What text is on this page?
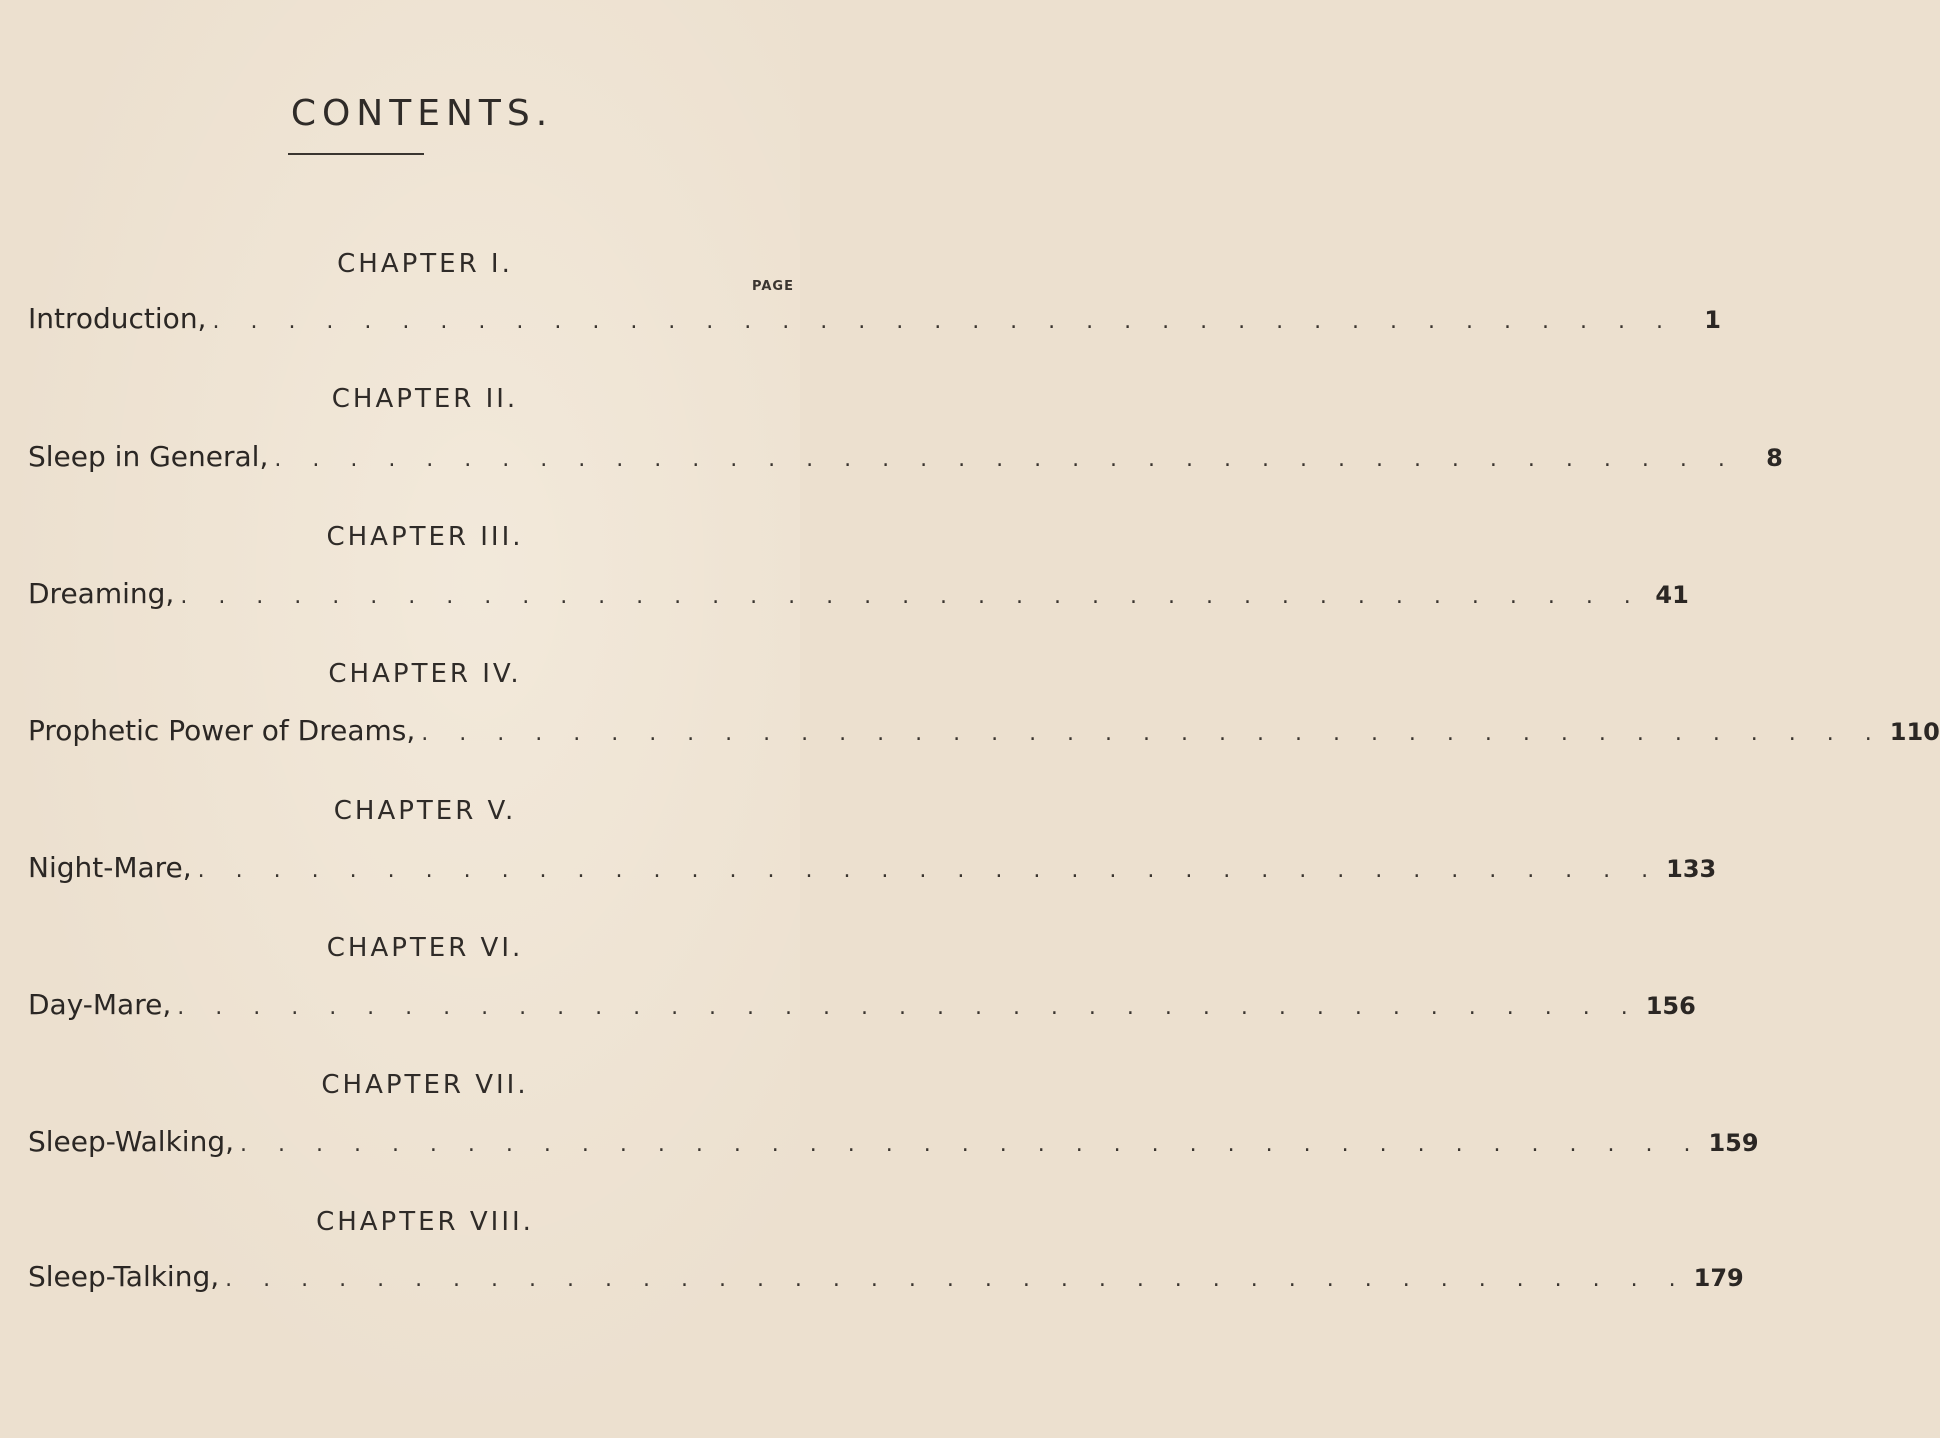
CONTENTS.
PAGE
CHAPTER I.
Introduction, . . . . . . . . . . . . . . . . . . . . . . . . . . . . . . . . . . . . . . .	1
CHAPTER II.
Sleep in General, . . . . . . . . . . . . . . . . . . . . . . . . . . . . . . . . . . . . . . .	8
CHAPTER III.
Dreaming, . . . . . . . . . . . . . . . . . . . . . . . . . . . . . . . . . . . . . . . 41
CHAPTER IV.
Prophetic Power of Dreams, . . . . . . . . . . . . . . . . . . . . . . . . . . . . . . . . . . . . . . . 110
CHAPTER V.
Night-Mare, . . . . . . . . . . . . . . . . . . . . . . . . . . . . . . . . . . . . . . . 133
CHAPTER VI.
Day-Mare, . . . . . . . . . . . . . . . . . . . . . . . . . . . . . . . . . . . . . . . 156
CHAPTER VII.
Sleep-Walking, . . . . . . . . . . . . . . . . . . . . . . . . . . . . . . . . . . . . . . . 159
CHAPTER VIII.
Sleep-Talking, . . . . . . . . . . . . . . . . . . . . . . . . . . . . . . . . . . . . . . . 179
